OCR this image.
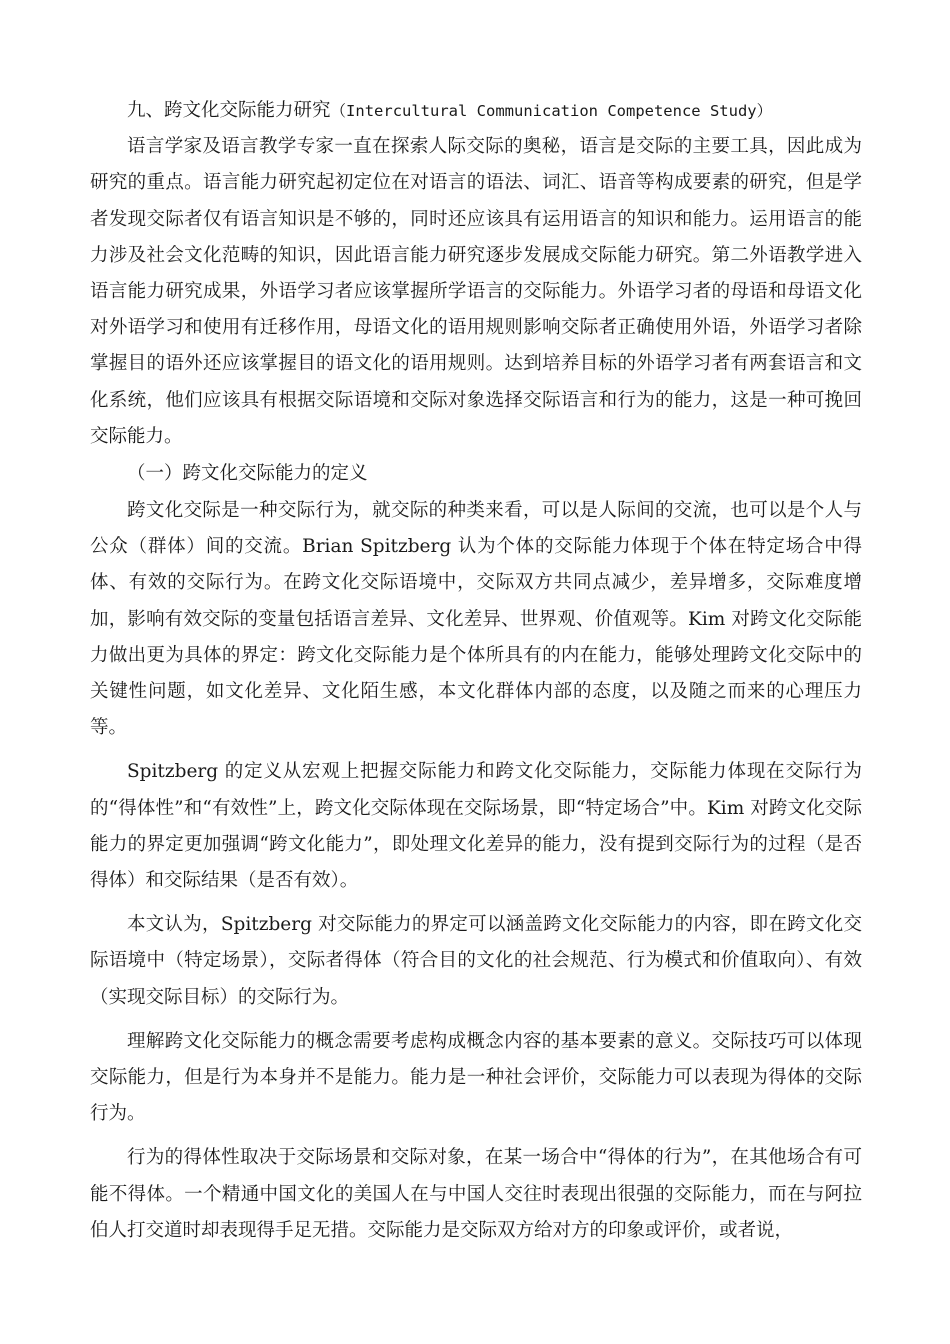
九、跨文化交际能力研究（Intercultural Communication Competence Study）

语言学家及语言教学专家一直在探索人际交际的奥秘，语言是交际的主要工具，因此成为研究的重点。语言能力研究起初定位在对语言的语法、词汇、语音等构成要素的研究，但是学者发现交际者仅有语言知识是不够的，同时还应该具有运用语言的知识和能力。运用语言的能力涉及社会文化范畴的知识，因此语言能力研究逐步发展成交际能力研究。第二外语教学进入语言能力研究成果，外语学习者应该掌握所学语言的交际能力。外语学习者的母语和母语文化对外语学习和使用有迁移作用，母语文化的语用规则影响交际者正确使用外语，外语学习者除掌握目的语外还应该掌握目的语文化的语用规则。达到培养目标的外语学习者有两套语言和文化系统，他们应该具有根据交际语境和交际对象选择交际语言和行为的能力，这是一种可挽回交际能力。

（一）跨文化交际能力的定义

跨文化交际是一种交际行为，就交际的种类来看，可以是人际间的交流，也可以是个人与公众（群体）间的交流。Brian Spitzberg 认为个体的交际能力体现于个体在特定场合中得体、有效的交际行为。在跨文化交际语境中，交际双方共同点减少，差异增多，交际难度增加，影响有效交际的变量包括语言差异、文化差异、世界观、价值观等。Kim 对跨文化交际能力做出更为具体的界定：跨文化交际能力是个体所具有的内在能力，能够处理跨文化交际中的关键性问题，如文化差异、文化陌生感，本文化群体内部的态度，以及随之而来的心理压力等。

Spitzberg 的定义从宏观上把握交际能力和跨文化交际能力，交际能力体现在交际行为的“得体性”和“有效性”上，跨文化交际体现在交际场景，即“特定场合”中。Kim 对跨文化交际能力的界定更加强调“跨文化能力”，即处理文化差异的能力，没有提到交际行为的过程（是否得体）和交际结果（是否有效）。

本文认为，Spitzberg 对交际能力的界定可以涵盖跨文化交际能力的内容，即在跨文化交际语境中（特定场景），交际者得体（符合目的文化的社会规范、行为模式和价值取向）、有效（实现交际目标）的交际行为。

理解跨文化交际能力的概念需要考虑构成概念内容的基本要素的意义。交际技巧可以体现交际能力，但是行为本身并不是能力。能力是一种社会评价，交际能力可以表现为得体的交际行为。

行为的得体性取决于交际场景和交际对象，在某一场合中“得体的行为”，在其他场合有可能不得体。一个精通中国文化的美国人在与中国人交往时表现出很强的交际能力，而在与阿拉伯人打交道时却表现得手足无措。交际能力是交际双方给对方的印象或评价，或者说，
